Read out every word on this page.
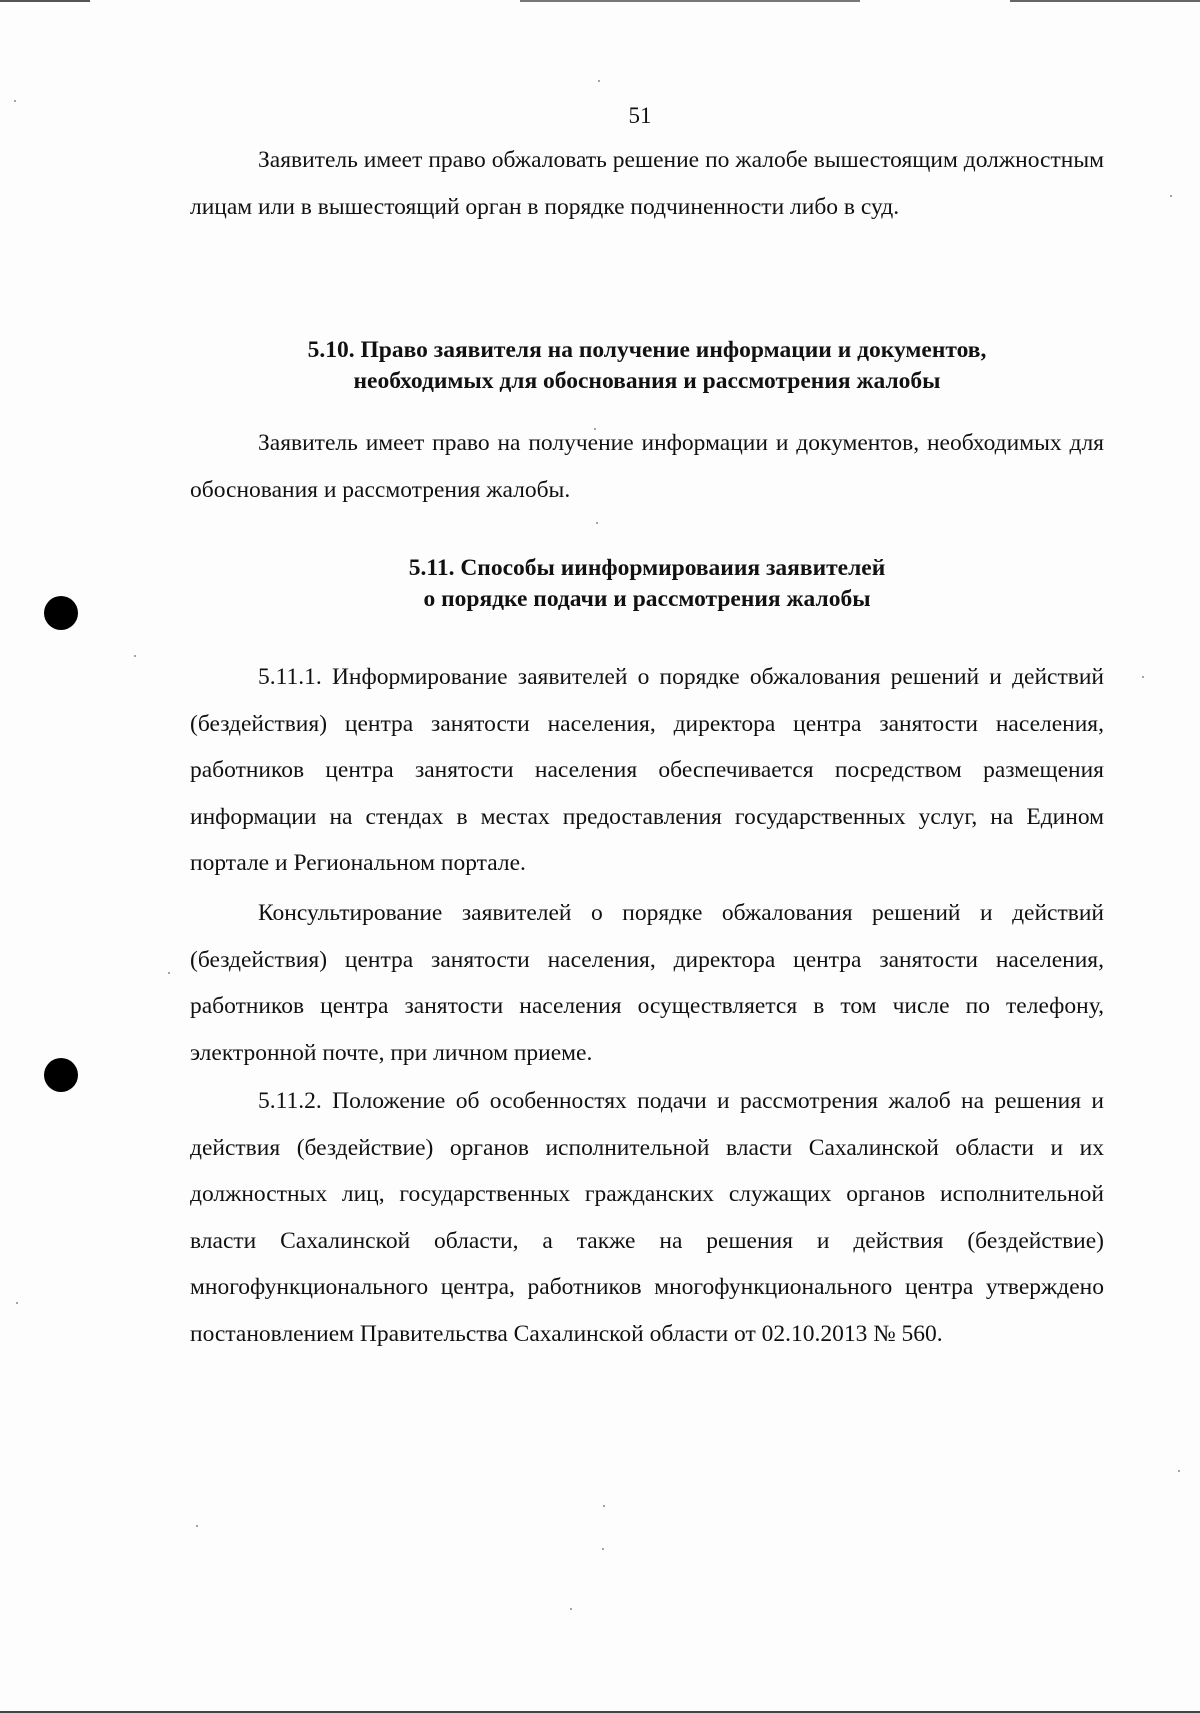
51

Заявитель имеет право обжаловать решение по жалобе вышестоящим должностным лицам или в вышестоящий орган в порядке подчиненности либо в суд.

5.10. Право заявителя на получение информации и документов,
необходимых для обоснования и рассмотрения жалобы

Заявитель имеет право на получение информации и документов, необходимых для обоснования и рассмотрения жалобы.

5.11. Способы иинформироваиия заявителей
о порядке подачи и рассмотрения жалобы

5.11.1. Информирование заявителей о порядке обжалования решений и действий (бездействия) центра занятости населения, директора центра занятости населения, работников центра занятости населения обеспечивается посредством размещения информации на стендах в местах предоставления государственных услуг, на Едином портале и Региональном портале.

Консультирование заявителей о порядке обжалования решений и действий (бездействия) центра занятости населения, директора центра занятости населения, работников центра занятости населения осуществляется в том числе по телефону, электронной почте, при личном приеме.

5.11.2. Положение об особенностях подачи и рассмотрения жалоб на решения и действия (бездействие) органов исполнительной власти Сахалинской области и их должностных лиц, государственных гражданских служащих органов исполнительной власти Сахалинской области, а также на решения и действия (бездействие) многофункционального центра, работников многофункционального центра утверждено постановлением Правительства Сахалинской области от 02.10.2013 № 560.
